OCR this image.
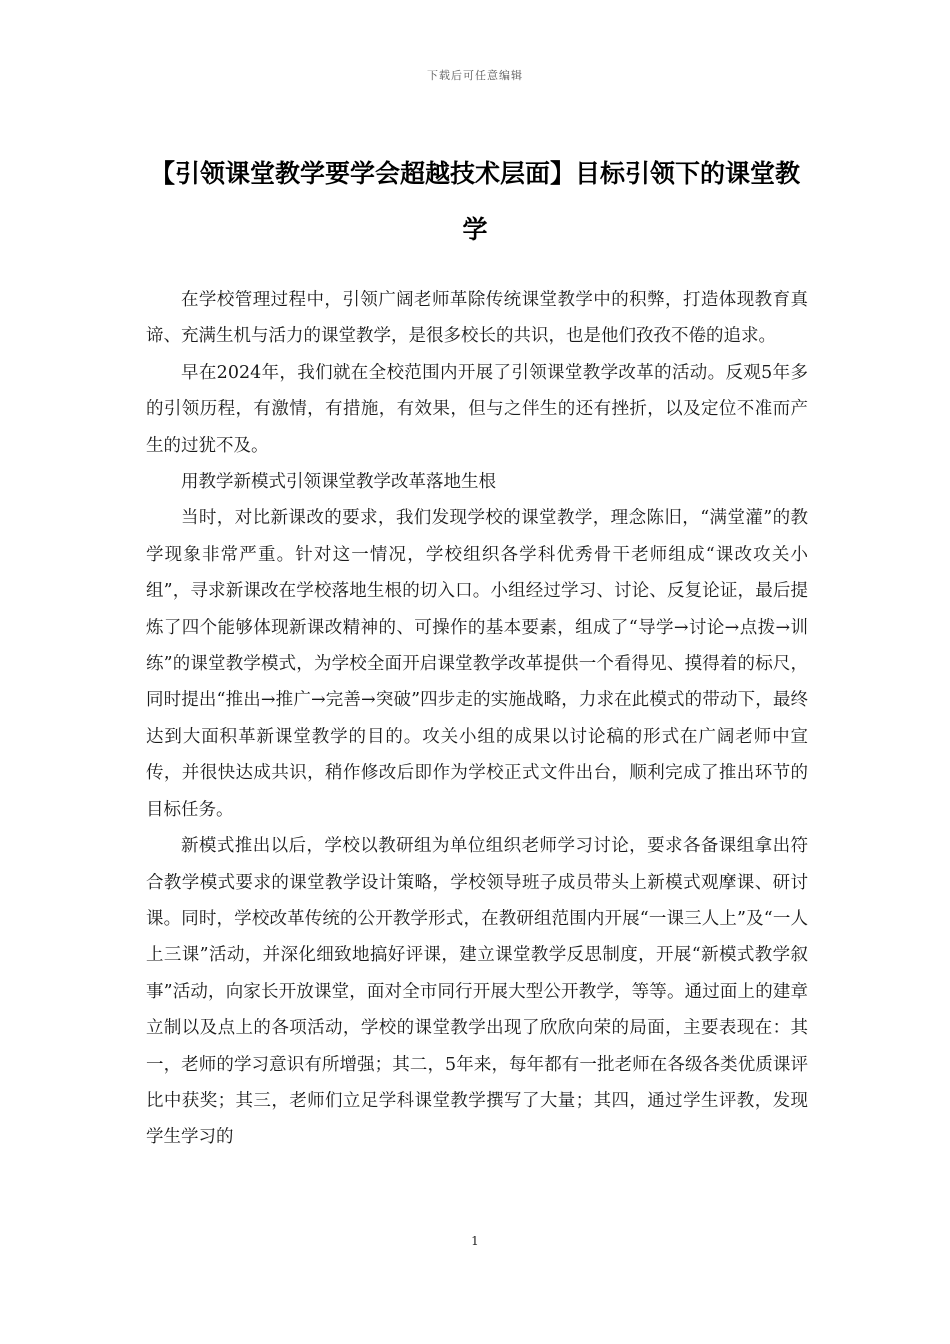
下载后可任意编辑
【引领课堂教学要学会超越技术层面】目标引领下的课堂教学

在学校管理过程中，引领广阔老师革除传统课堂教学中的积弊，打造体现教育真谛、充满生机与活力的课堂教学，是很多校长的共识，也是他们孜孜不倦的追求。

早在2024年，我们就在全校范围内开展了引领课堂教学改革的活动。反观5年多的引领历程，有激情，有措施，有效果，但与之伴生的还有挫折，以及定位不准而产生的过犹不及。

用教学新模式引领课堂教学改革落地生根

当时，对比新课改的要求，我们发现学校的课堂教学，理念陈旧，“满堂灌”的教学现象非常严重。针对这一情况，学校组织各学科优秀骨干老师组成“课改攻关小组”，寻求新课改在学校落地生根的切入口。小组经过学习、讨论、反复论证，最后提炼了四个能够体现新课改精神的、可操作的基本要素，组成了“导学→讨论→点拨→训练”的课堂教学模式，为学校全面开启课堂教学改革提供一个看得见、摸得着的标尺，同时提出“推出→推广→完善→突破”四步走的实施战略，力求在此模式的带动下，最终达到大面积革新课堂教学的目的。攻关小组的成果以讨论稿的形式在广阔老师中宣传，并很快达成共识，稍作修改后即作为学校正式文件出台，顺利完成了推出环节的目标任务。

新模式推出以后，学校以教研组为单位组织老师学习讨论，要求各备课组拿出符合教学模式要求的课堂教学设计策略，学校领导班子成员带头上新模式观摩课、研讨课。同时，学校改革传统的公开教学形式，在教研组范围内开展“一课三人上”及“一人上三课”活动，并深化细致地搞好评课，建立课堂教学反思制度，开展“新模式教学叙事”活动，向家长开放课堂，面对全市同行开展大型公开教学，等等。通过面上的建章立制以及点上的各项活动，学校的课堂教学出现了欣欣向荣的局面，主要表现在：其一，老师的学习意识有所增强；其二，5年来，每年都有一批老师在各级各类优质课评比中获奖；其三，老师们立足学科课堂教学撰写了大量；其四，通过学生评教，发现学生学习的

1
